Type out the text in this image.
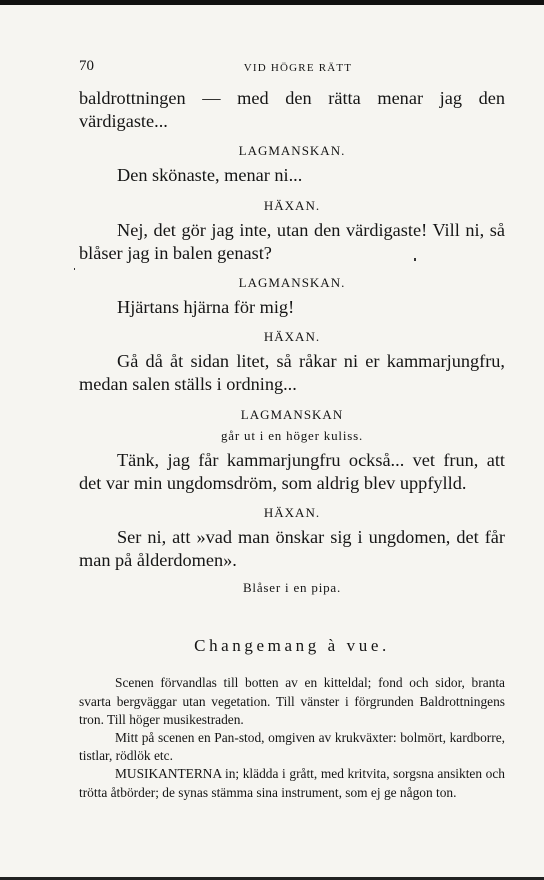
70	VID HÖGRE RÄTT

baldrottningen — med den rätta menar jag den värdigaste...

LAGMANSKAN.

Den skönaste, menar ni...

HÄXAN.

Nej, det gör jag inte, utan den värdigaste! Vill ni, så blåser jag in balen genast?

LAGMANSKAN.

Hjärtans hjärna för mig!

HÄXAN.

Gå då åt sidan litet, så råkar ni er kammarjungfru, medan salen ställs i ordning...

LAGMANSKAN
går ut i en höger kuliss.

Tänk, jag får kammarjungfru också... vet frun, att det var min ungdomsdröm, som aldrig blev uppfylld.

HÄXAN.

Ser ni, att »vad man önskar sig i ungdomen, det får man på ålderdomen».

Blåser i en pipa.
Changemang à vue.

Scenen förvandlas till botten av en kitteldal; fond och sidor, branta svarta bergväggar utan vegetation. Till vänster i förgrunden Baldrottningens tron. Till höger musikestraden.

Mitt på scenen en Pan-stod, omgiven av krukväxter: bolmört, kardborre, tistlar, rödlök etc.

MUSIKANTERNA in; klädda i grått, med kritvita, sorgsna ansikten och trötta åtbörder; de synas stämma sina instrument, som ej ge någon ton.
